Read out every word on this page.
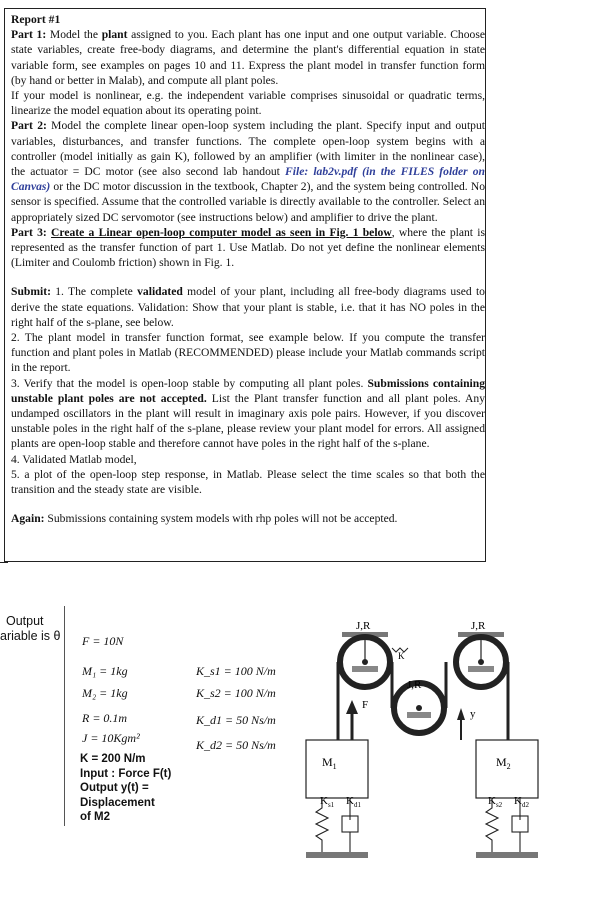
Report #1

Part 1: Model the plant assigned to you. Each plant has one input and one output variable. Choose state variables, create free-body diagrams, and determine the plant's differential equation in state variable form, see examples on pages 10 and 11. Express the plant model in transfer function form (by hand or better in Malab), and compute all plant poles.

If your model is nonlinear, e.g. the independent variable comprises sinusoidal or quadratic terms, linearize the model equation about its operating point.

Part 2: Model the complete linear open-loop system including the plant. Specify input and output variables, disturbances, and transfer functions. The complete open-loop system begins with a controller (model initially as gain K), followed by an amplifier (with limiter in the nonlinear case), the actuator = DC motor (see also second lab handout File: lab2v.pdf (in the FILES folder on Canvas) or the DC motor discussion in the textbook, Chapter 2), and the system being controlled. No sensor is specified. Assume that the controlled variable is directly available to the controller. Select an appropriately sized DC servomotor (see instructions below) and amplifier to drive the plant.

Part 3: Create a Linear open-loop computer model as seen in Fig. 1 below, where the plant is represented as the transfer function of part 1. Use Matlab. Do not yet define the nonlinear elements (Limiter and Coulomb friction) shown in Fig. 1.

Submit: 1. The complete validated model of your plant, including all free-body diagrams used to derive the state equations. Validation: Show that your plant is stable, i.e. that it has NO poles in the right half of the s-plane, see below.

2. The plant model in transfer function format, see example below. If you compute the transfer function and plant poles in Matlab (RECOMMENDED) please include your Matlab commands script in the report.

3. Verify that the model is open-loop stable by computing all plant poles. Submissions containing unstable plant poles are not accepted. List the Plant transfer function and all plant poles. Any undamped oscillators in the plant will result in imaginary axis pole pairs. However, if you discover unstable poles in the right half of the s-plane, please review your plant model for errors. All assigned plants are open-loop stable and therefore cannot have poles in the right half of the s-plane.

4. Validated Matlab model,

5. a plot of the open-loop step response, in Matlab. Please select the time scales so that both the transition and the steady state are visible.

Again: Submissions containing system models with rhp poles will not be accepted.

Output
ariable is θ F = 10N
M₁ = 1kg
M₂ = 1kg
R = 0.1m
J = 10Kgm²
K_s1 = 100 N/m
K_s2 = 100 N/m
K_d1 = 50 Ns/m
K_d2 = 50 Ns/m
K = 200 N/m
Input : Force F(t)
Output y(t) =
Displacement
of M2
J,R	J,R
J,R
K
F
y
$M_1$	$M_2$
$K_{s1}$ $K_{d1}$	$K_{s2}$ $K_{d2}$
